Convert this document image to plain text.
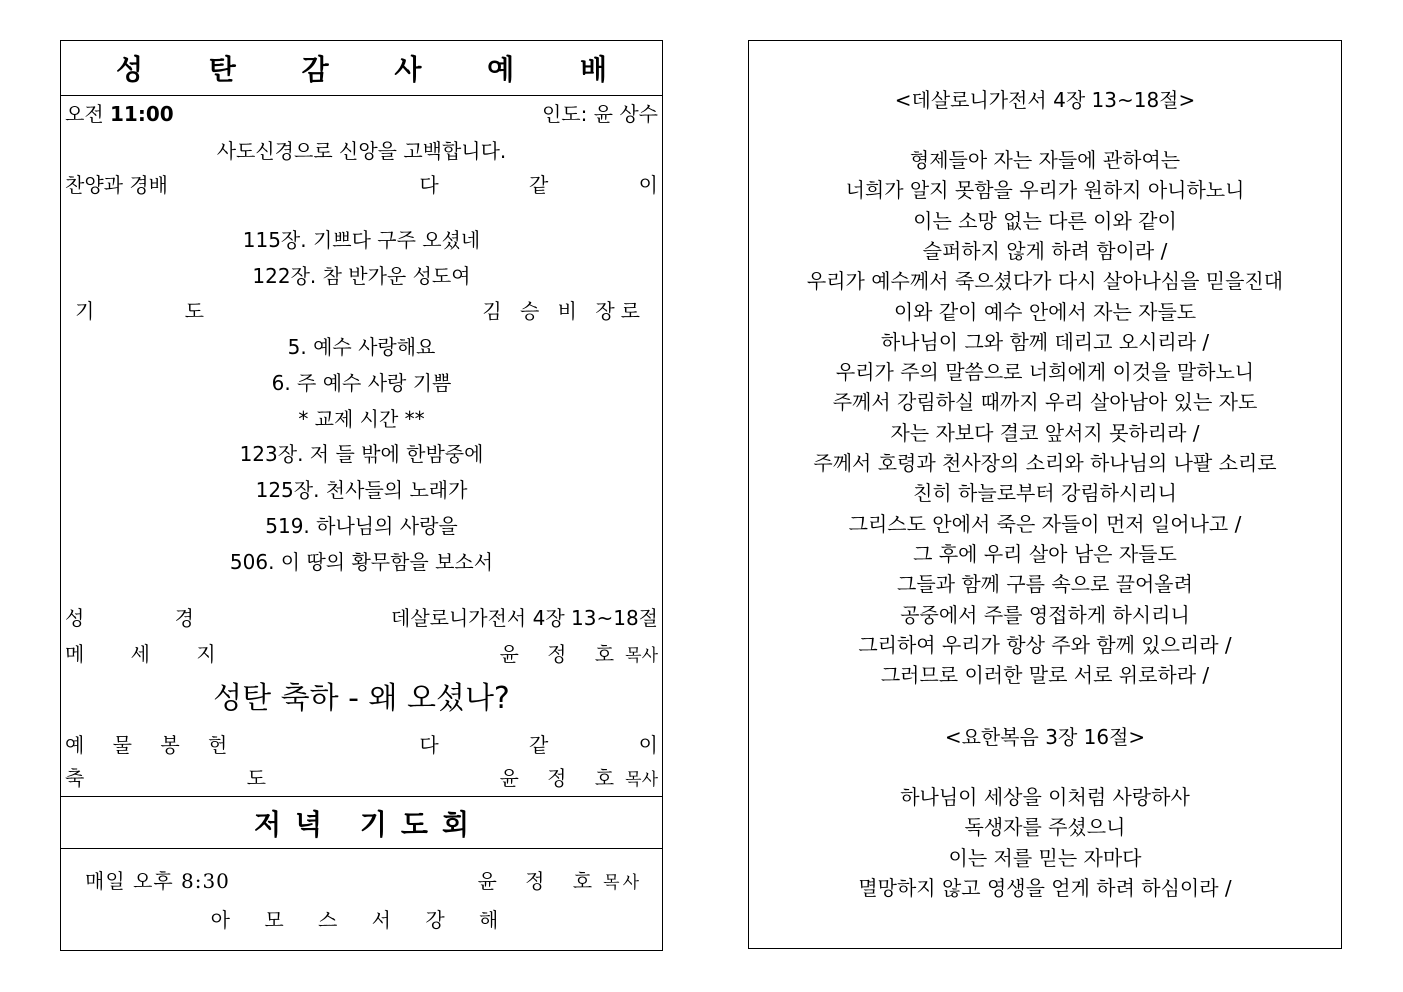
성 탄 감 사 예 배
오전 11:00	인도: 윤 상수
사도신경으로 신앙을 고백합니다.
찬양과 경배	다 같 이
115장. 기쁘다 구주 오셨네
122장. 참 반가운 성도여
기 도	김 승 비 장로
5. 예수 사랑해요
6. 주 예수 사랑 기쁨
* 교제 시간 **
123장. 저 들 밖에 한밤중에
125장. 천사들의 노래가
519. 하나님의 사랑을
506. 이 땅의 황무함을 보소서
성 경	데살로니가전서 4장 13~18절
메 세 지	윤 정 호목사
성탄 축하 - 왜 오셨나?
예 물 봉 헌	다 같 이
축 도	윤 정 호목사
저녁 기도회
매일 오후 8:30	윤 정 호목사
아 모 스 서 강 해
<데살로니가전서 4장 13~18절>
형제들아 자는 자들에 관하여는
너희가 알지 못함을 우리가 원하지 아니하노니
이는 소망 없는 다른 이와 같이
슬퍼하지 않게 하려 함이라 /
우리가 예수께서 죽으셨다가 다시 살아나심을 믿을진대
이와 같이 예수 안에서 자는 자들도
하나님이 그와 함께 데리고 오시리라 /
우리가 주의 말씀으로 너희에게 이것을 말하노니
주께서 강림하실 때까지 우리 살아남아 있는 자도
자는 자보다 결코 앞서지 못하리라 /
주께서 호령과 천사장의 소리와 하나님의 나팔 소리로
친히 하늘로부터 강림하시리니
그리스도 안에서 죽은 자들이 먼저 일어나고 /
그 후에 우리 살아 남은 자들도
그들과 함께 구름 속으로 끌어올려
공중에서 주를 영접하게 하시리니
그리하여 우리가 항상 주와 함께 있으리라 /
그러므로 이러한 말로 서로 위로하라 /
<요한복음 3장 16절>
하나님이 세상을 이처럼 사랑하사
독생자를 주셨으니
이는 저를 믿는 자마다
멸망하지 않고 영생을 얻게 하려 하심이라 /
